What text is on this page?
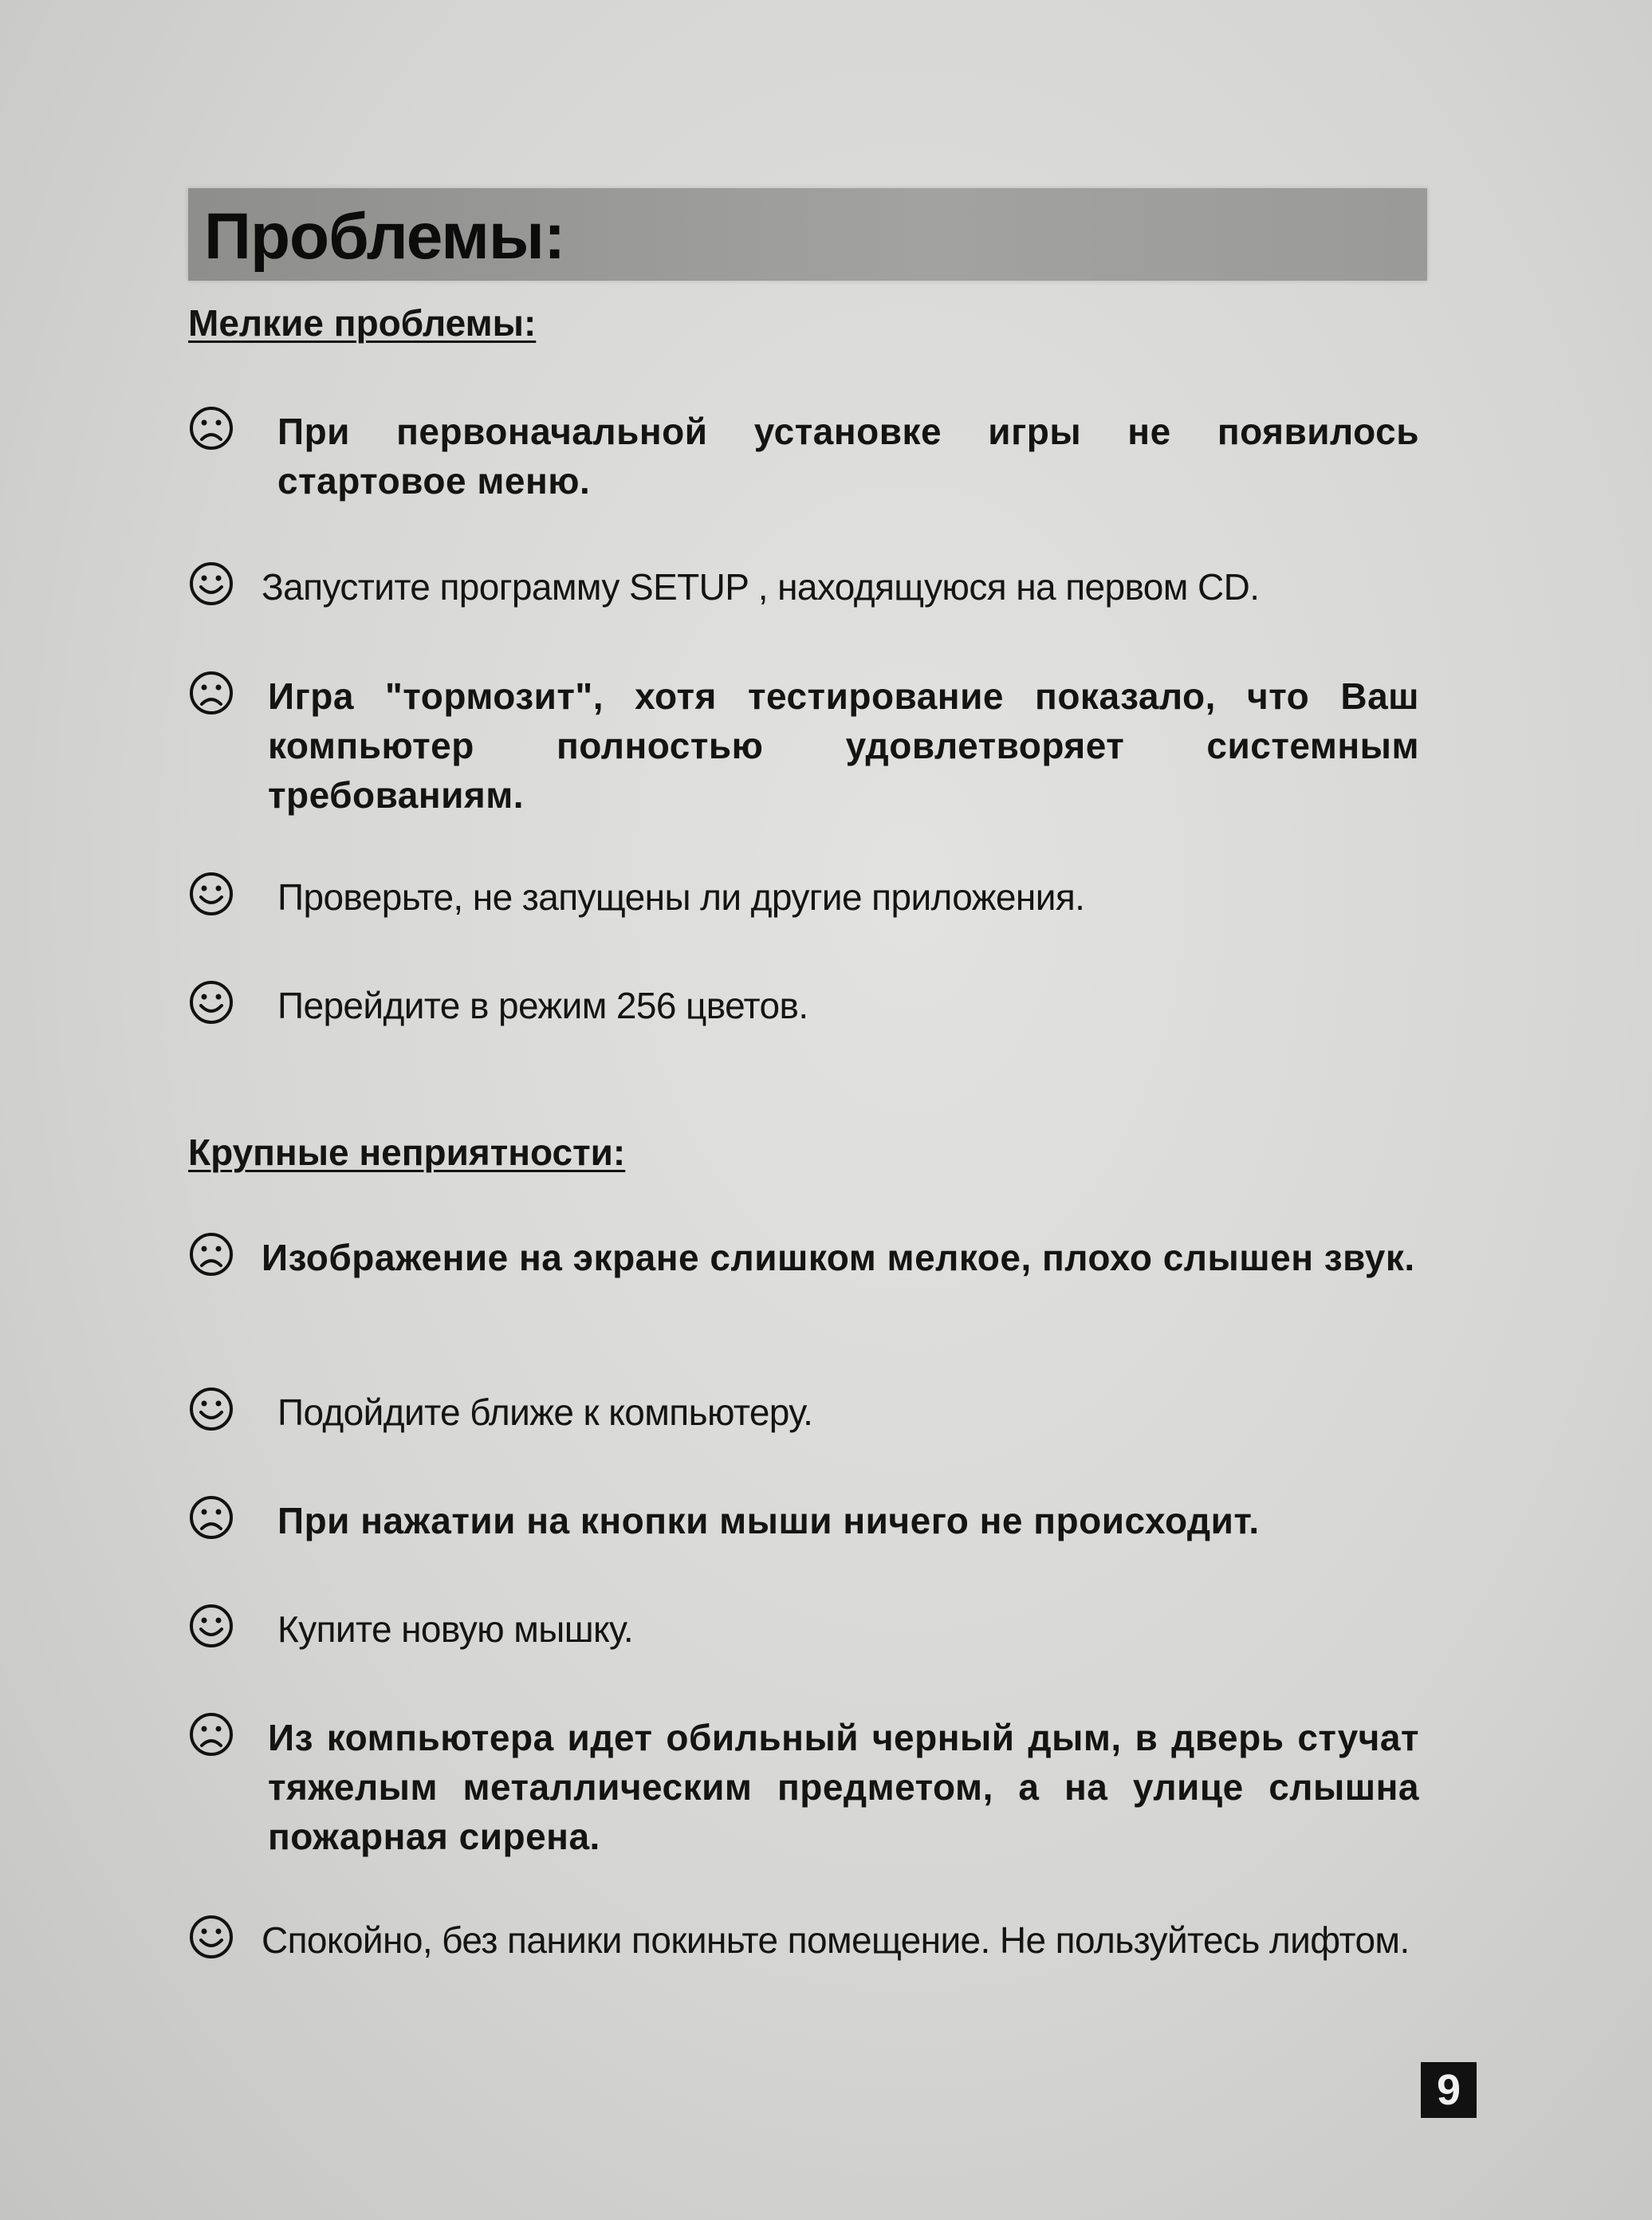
Проблемы:
Мелкие проблемы:
При первоначальной установке игры не появилось стартовое меню.
Запустите программу SETUP , находящуюся на первом CD.
Игра "тормозит", хотя тестирование показало, что Ваш компьютер полностью удовлетворяет системным требованиям.
Проверьте, не запущены ли другие приложения.
Перейдите в режим 256 цветов.
Крупные неприятности:
Изображение на экране слишком мелкое, плохо слышен звук.
Подойдите ближе к компьютеру.
При нажатии на кнопки мыши ничего не происходит.
Купите новую мышку.
Из компьютера идет обильный черный дым, в дверь стучат тяжелым металлическим предметом, а на улице слышна пожарная сирена.
Спокойно, без паники покиньте помещение. Не пользуйтесь лифтом.
9
